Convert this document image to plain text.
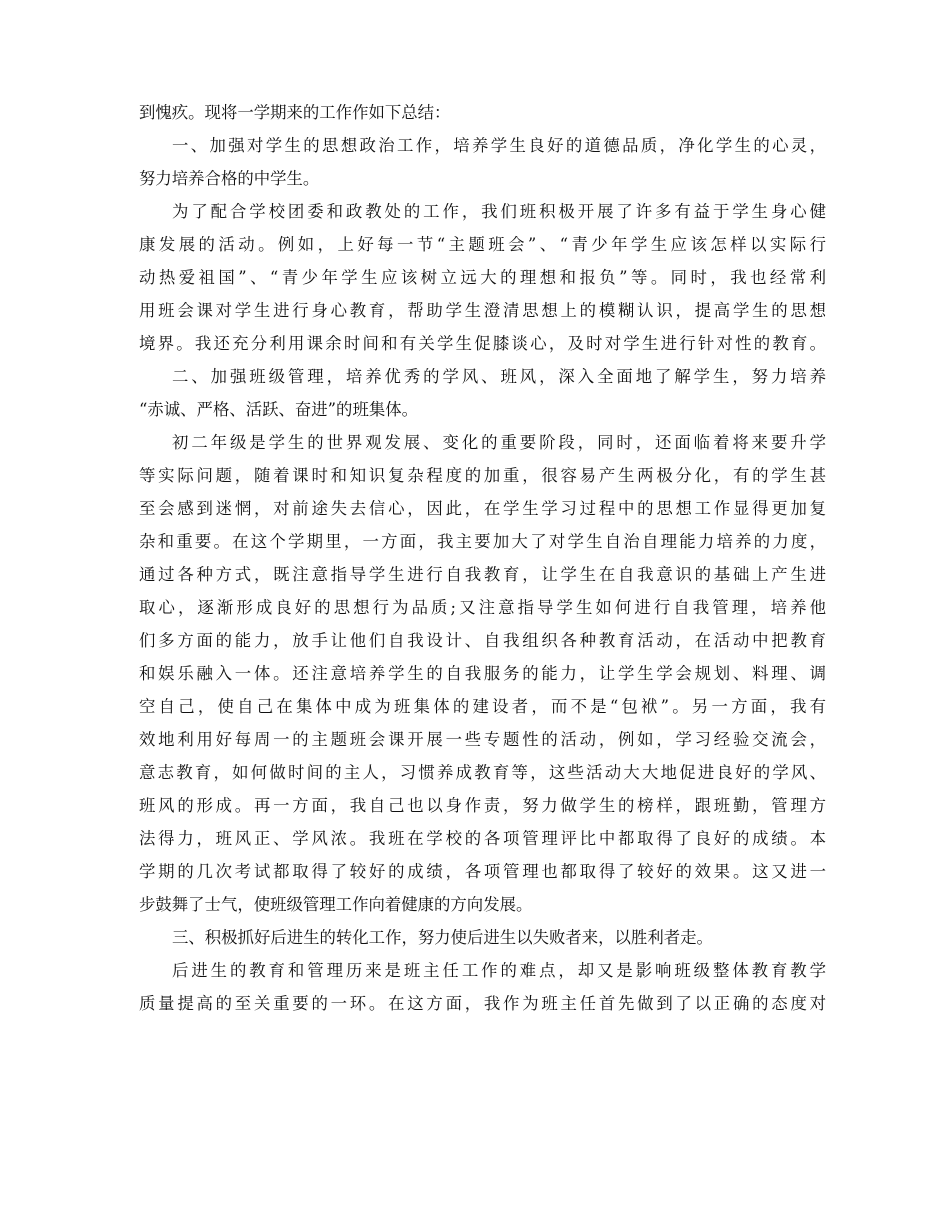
到愧疚。现将一学期来的工作作如下总结：
一、加强对学生的思想政治工作，培养学生良好的道德品质，净化学生的心灵，
努力培养合格的中学生。
为了配合学校团委和政教处的工作，我们班积极开展了许多有益于学生身心健
康发展的活动。例如，上好每一节“主题班会”、“青少年学生应该怎样以实际行
动热爱祖国”、“青少年学生应该树立远大的理想和报负”等。同时，我也经常利
用班会课对学生进行身心教育，帮助学生澄清思想上的模糊认识，提高学生的思想
境界。我还充分利用课余时间和有关学生促膝谈心，及时对学生进行针对性的教育。
二、加强班级管理，培养优秀的学风、班风，深入全面地了解学生，努力培养
“赤诚、严格、活跃、奋进”的班集体。
初二年级是学生的世界观发展、变化的重要阶段，同时，还面临着将来要升学
等实际问题，随着课时和知识复杂程度的加重，很容易产生两极分化，有的学生甚
至会感到迷惘，对前途失去信心，因此，在学生学习过程中的思想工作显得更加复
杂和重要。在这个学期里，一方面，我主要加大了对学生自治自理能力培养的力度，
通过各种方式，既注意指导学生进行自我教育，让学生在自我意识的基础上产生进
取心，逐渐形成良好的思想行为品质;又注意指导学生如何进行自我管理，培养他
们多方面的能力，放手让他们自我设计、自我组织各种教育活动，在活动中把教育
和娱乐融入一体。还注意培养学生的自我服务的能力，让学生学会规划、料理、调
空自己，使自己在集体中成为班集体的建设者，而不是“包袱”。另一方面，我有
效地利用好每周一的主题班会课开展一些专题性的活动，例如，学习经验交流会，
意志教育，如何做时间的主人，习惯养成教育等，这些活动大大地促进良好的学风、
班风的形成。再一方面，我自己也以身作责，努力做学生的榜样，跟班勤，管理方
法得力，班风正、学风浓。我班在学校的各项管理评比中都取得了良好的成绩。本
学期的几次考试都取得了较好的成绩，各项管理也都取得了较好的效果。这又进一
步鼓舞了士气，使班级管理工作向着健康的方向发展。
三、积极抓好后进生的转化工作，努力使后进生以失败者来，以胜利者走。
后进生的教育和管理历来是班主任工作的难点，却又是影响班级整体教育教学
质量提高的至关重要的一环。在这方面，我作为班主任首先做到了以正确的态度对
